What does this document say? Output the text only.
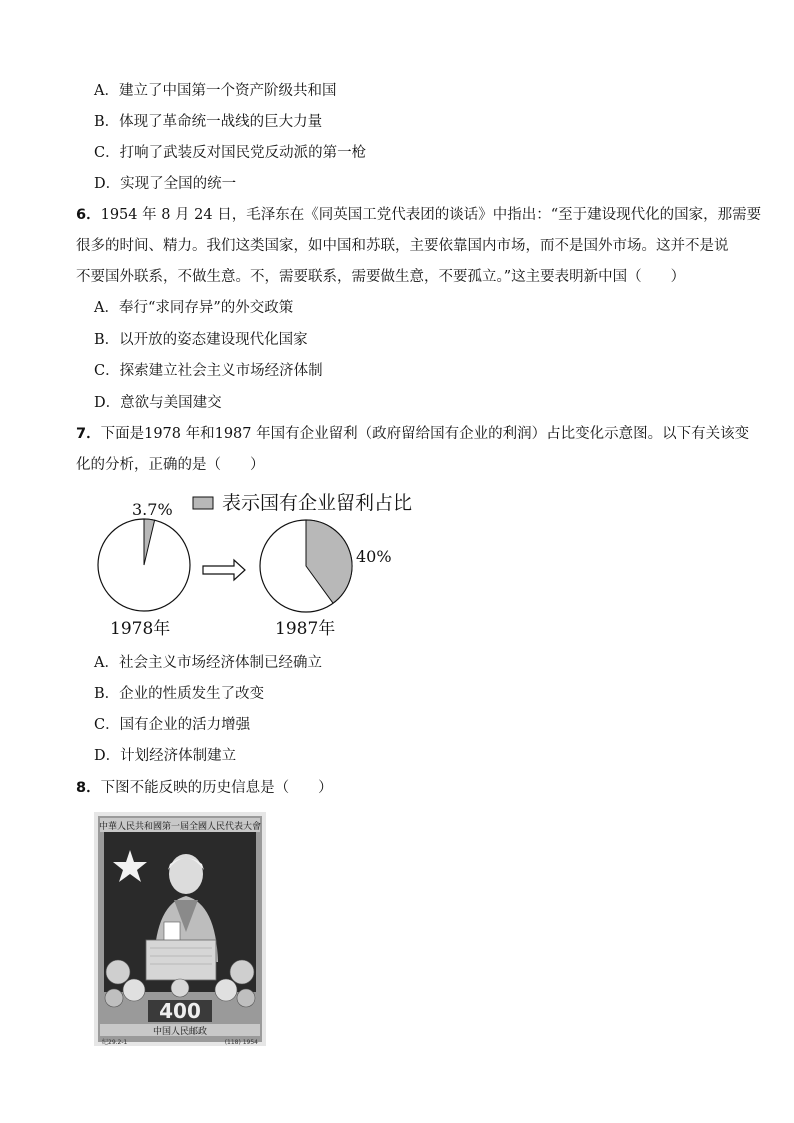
A．建立了中国第一个资产阶级共和国
B．体现了革命统一战线的巨大力量
C．打响了武装反对国民党反动派的第一枪
D．实现了全国的统一
6．1954 年 8 月 24 日，毛泽东在《同英国工党代表团的谈话》中指出：“至于建设现代化的国家，那需要
很多的时间、精力。我们这类国家，如中国和苏联，主要依靠国内市场，而不是国外市场。这并不是说
不要国外联系，不做生意。不，需要联系，需要做生意，不要孤立。”这主要表明新中国（　　）
A．奉行“求同存异”的外交政策
B．以开放的姿态建设现代化国家
C．探索建立社会主义市场经济体制
D．意欲与美国建交
7．下面是1978 年和1987 年国有企业留利（政府留给国有企业的利润）占比变化示意图。以下有关该变
化的分析，正确的是（　　）
表示国有企业留利占比
3.7%
1978年
40%
1987年
A．社会主义市场经济体制已经确立
B．企业的性质发生了改变
C．国有企业的活力增强
D．计划经济体制建立
8．下图不能反映的历史信息是（　　）
中華人民共和國第一屆全國人民代表大會
400
中国人民邮政
纪29.2-1	(118) 1954
